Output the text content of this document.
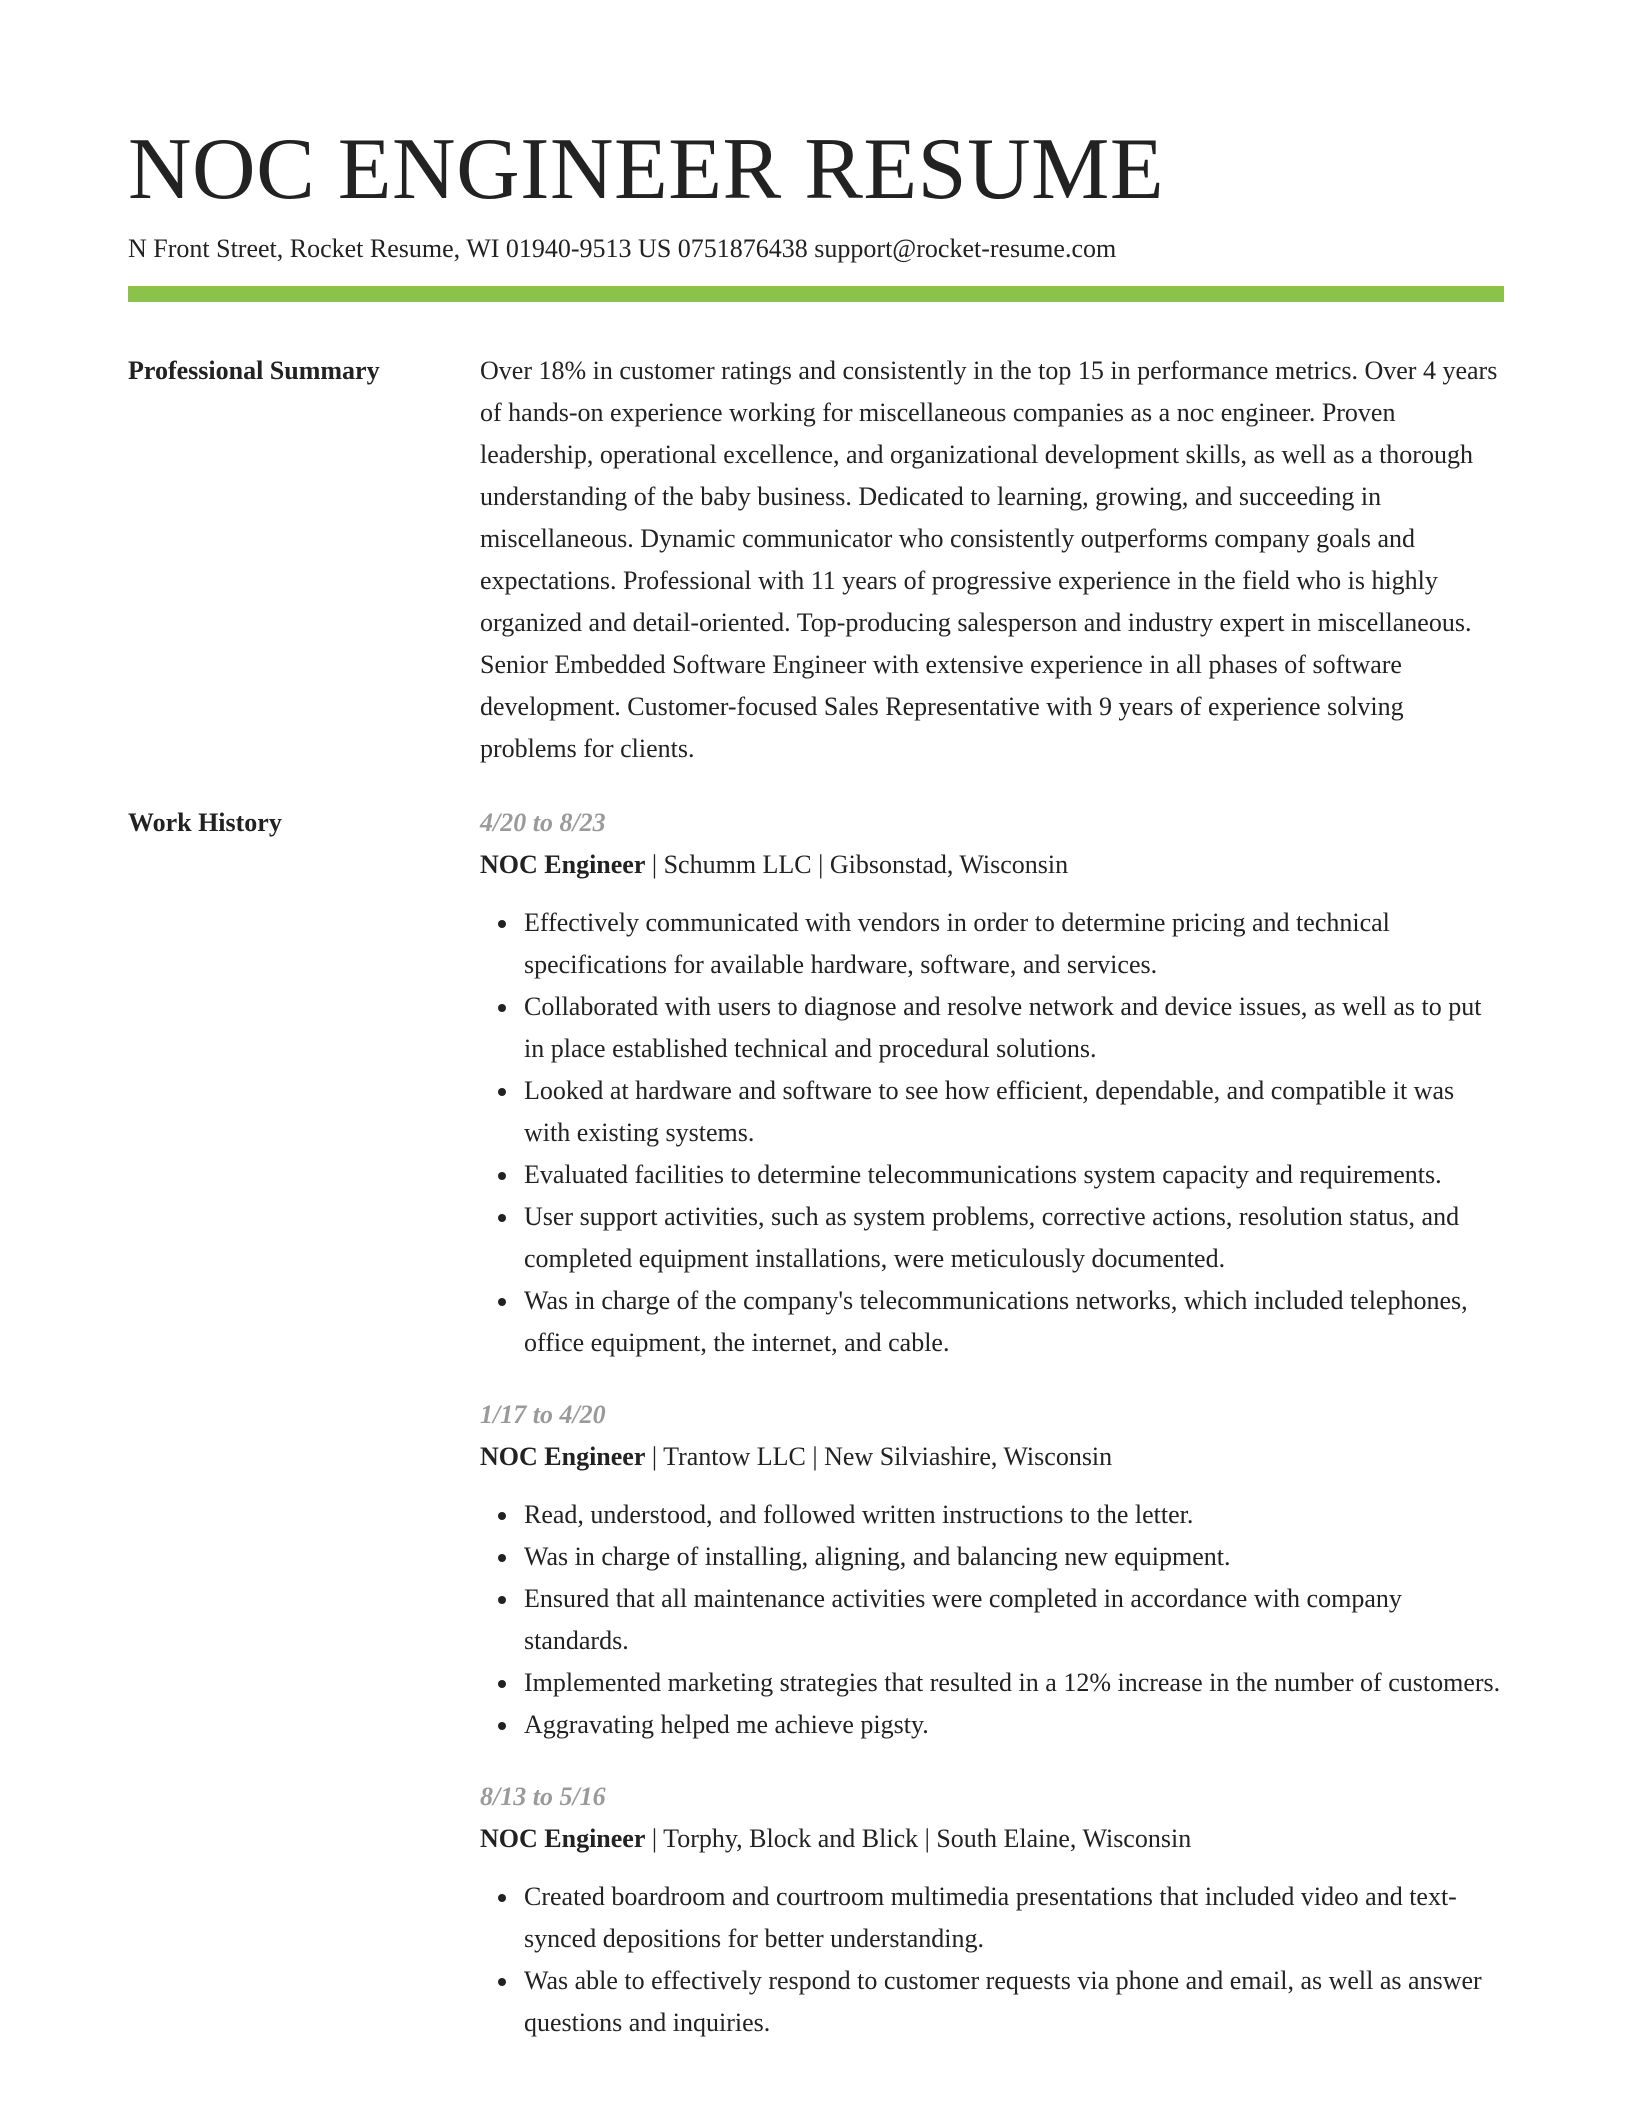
NOC ENGINEER RESUME
N Front Street, Rocket Resume, WI 01940-9513 US 0751876438 support@rocket-resume.com
Professional Summary	Over 18% in customer ratings and consistently in the top 15 in performance metrics. Over 4 years of hands-on experience working for miscellaneous companies as a noc engineer. Proven leadership, operational excellence, and organizational development skills, as well as a thorough understanding of the baby business. Dedicated to learning, growing, and succeeding in miscellaneous. Dynamic communicator who consistently outperforms company goals and expectations. Professional with 11 years of progressive experience in the field who is highly organized and detail-oriented. Top-producing salesperson and industry expert in miscellaneous. Senior Embedded Software Engineer with extensive experience in all phases of software development. Customer-focused Sales Representative with 9 years of experience solving problems for clients.

Work History	4/20 to 8/23
NOC Engineer | Schumm LLC | Gibsonstad, Wisconsin
Effectively communicated with vendors in order to determine pricing and technical specifications for available hardware, software, and services.
Collaborated with users to diagnose and resolve network and device issues, as well as to put in place established technical and procedural solutions.
Looked at hardware and software to see how efficient, dependable, and compatible it was with existing systems.
Evaluated facilities to determine telecommunications system capacity and requirements.
User support activities, such as system problems, corrective actions, resolution status, and completed equipment installations, were meticulously documented.
Was in charge of the company's telecommunications networks, which included telephones, office equipment, the internet, and cable.
1/17 to 4/20
NOC Engineer | Trantow LLC | New Silviashire, Wisconsin
Read, understood, and followed written instructions to the letter.
Was in charge of installing, aligning, and balancing new equipment.
Ensured that all maintenance activities were completed in accordance with company standards.
Implemented marketing strategies that resulted in a 12% increase in the number of customers.
Aggravating helped me achieve pigsty.
8/13 to 5/16
NOC Engineer | Torphy, Block and Blick | South Elaine, Wisconsin
Created boardroom and courtroom multimedia presentations that included video and text-synced depositions for better understanding.
Was able to effectively respond to customer requests via phone and email, as well as answer questions and inquiries.
